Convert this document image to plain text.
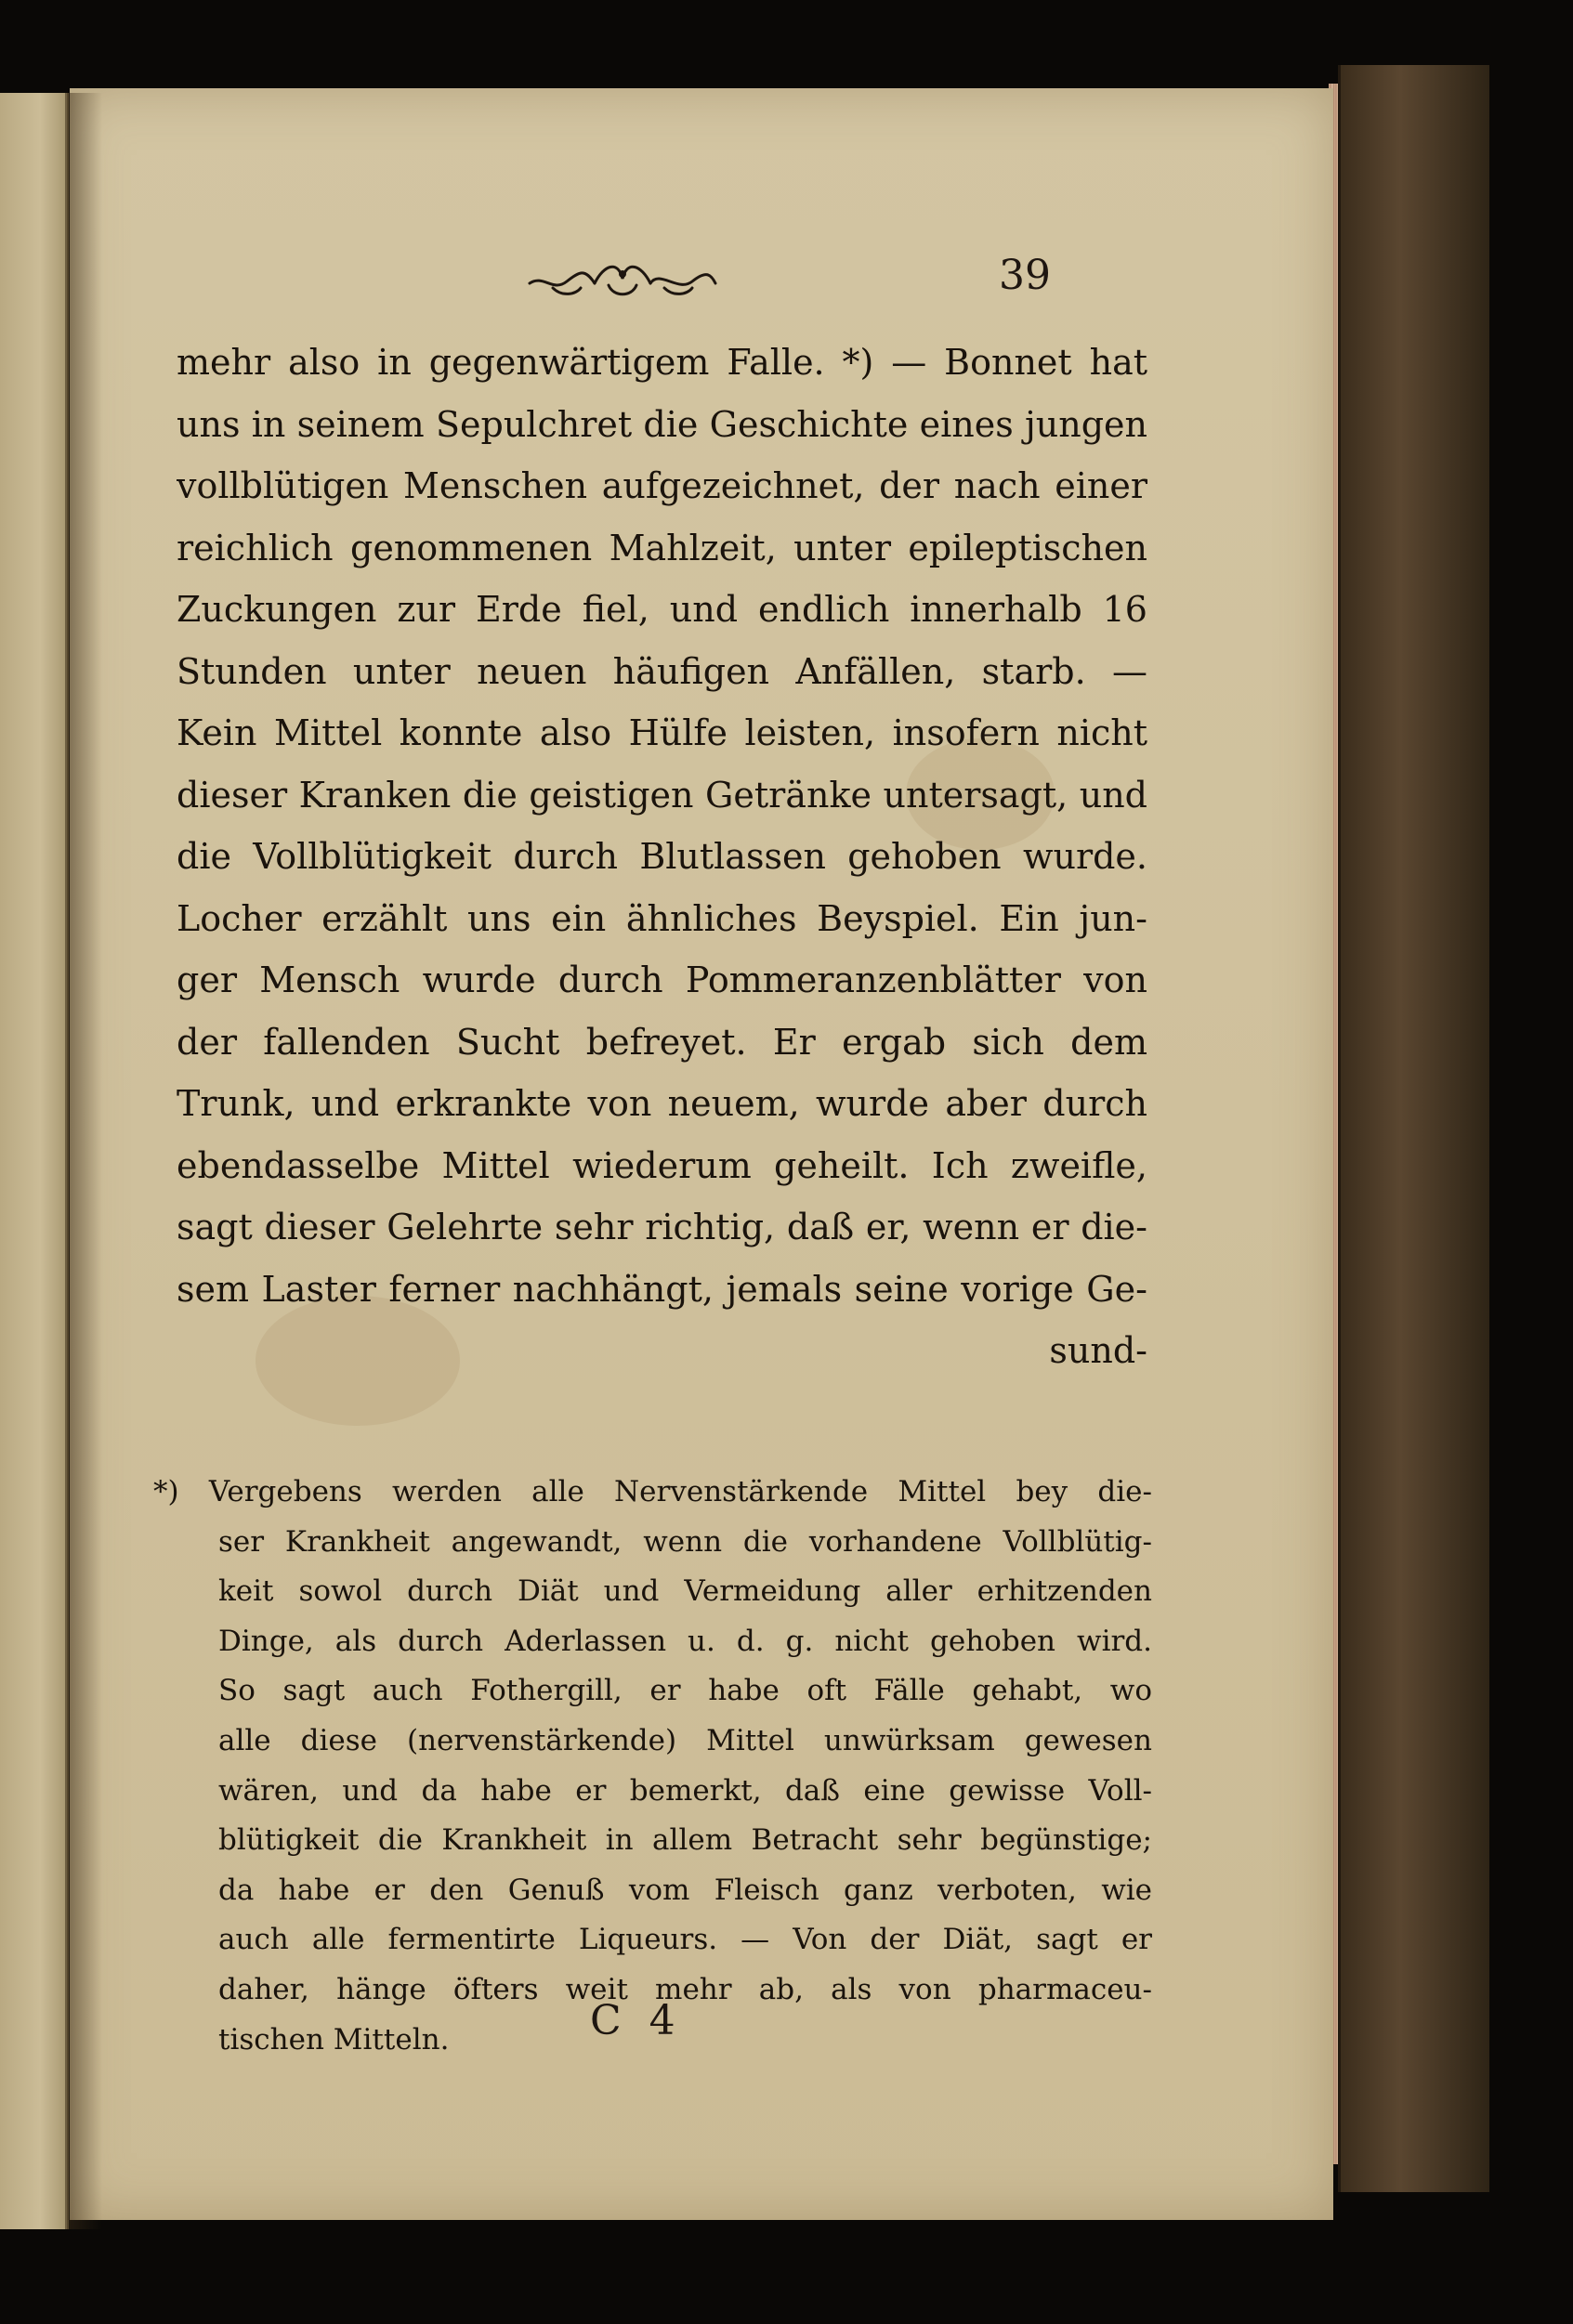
39
mehr also in gegenwärtigem Falle. *) — Bonnet hat
uns in seinem Sepulchret die Geschichte eines jungen
vollblütigen Menschen aufgezeichnet, der nach einer
reichlich genommenen Mahlzeit, unter epileptischen
Zuckungen zur Erde fiel, und endlich innerhalb 16
Stunden unter neuen häufigen Anfällen, starb. —
Kein Mittel konnte also Hülfe leisten, insofern nicht
dieser Kranken die geistigen Getränke untersagt, und
die Vollblütigkeit durch Blutlassen gehoben wurde.
Locher erzählt uns ein ähnliches Beyspiel. Ein jun-
ger Mensch wurde durch Pommeranzenblätter von
der fallenden Sucht befreyet. Er ergab sich dem
Trunk, und erkrankte von neuem, wurde aber durch
ebendasselbe Mittel wiederum geheilt. Ich zweifle,
sagt dieser Gelehrte sehr richtig, daß er, wenn er die-
sem Laster ferner nachhängt, jemals seine vorige Ge-
sund-
*) Vergebens werden alle Nervenstärkende Mittel bey die-
ser Krankheit angewandt, wenn die vorhandene Vollblütig-
keit sowol durch Diät und Vermeidung aller erhitzenden
Dinge, als durch Aderlassen u. d. g. nicht gehoben wird.
So sagt auch Fothergill, er habe oft Fälle gehabt, wo
alle diese (nervenstärkende) Mittel unwürksam gewesen
wären, und da habe er bemerkt, daß eine gewisse Voll-
blütigkeit die Krankheit in allem Betracht sehr begünstige;
da habe er den Genuß vom Fleisch ganz verboten, wie
auch alle fermentirte Liqueurs. — Von der Diät, sagt er
daher, hänge öfters weit mehr ab, als von pharmaceu-
tischen Mitteln.	C 4
